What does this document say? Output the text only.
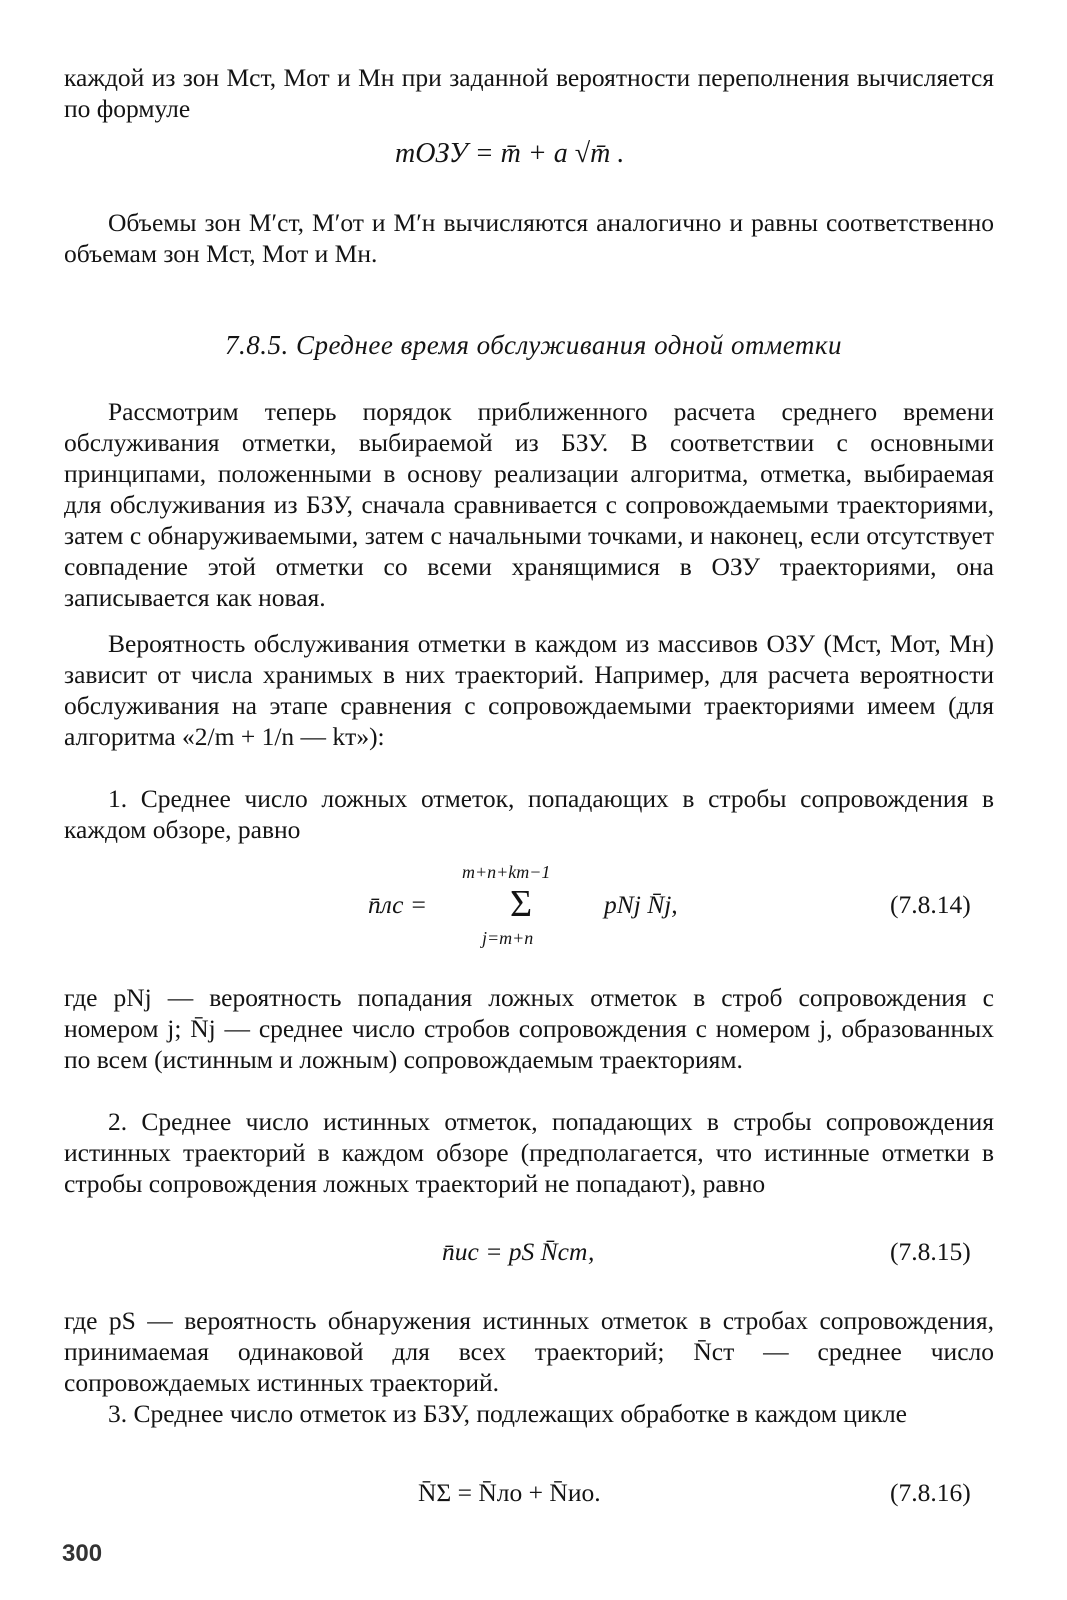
каждой из зон Mст, Mот и Mн при заданной вероятности переполнения вычисляется по формуле

mОЗУ = m̄ + a √m̄ .

Объемы зон M′ст, M′от и M′н вычисляются аналогично и равны соответственно объемам зон Mст, Mот и Mн.

7.8.5. Среднее время обслуживания одной отметки

Рассмотрим теперь порядок приближенного расчета среднего времени обслуживания отметки, выбираемой из БЗУ. В соответствии с основными принципами, положенными в основу реализации алгоритма, отметка, выбираемая для обслуживания из БЗУ, сначала сравнивается с сопровождаемыми траекториями, затем с обнаруживаемыми, затем с начальными точками, и наконец, если отсутствует совпадение этой отметки со всеми хранящимися в ОЗУ траекториями, она записывается как новая.

Вероятность обслуживания отметки в каждом из массивов ОЗУ (Mст, Mот, Mн) зависит от числа хранимых в них траекторий. Например, для расчета вероятности обслуживания на этапе сравнения с сопровождаемыми траекториями имеем (для алгоритма «2/m + 1/n — kт»):

1. Среднее число ложных отметок, попадающих в стробы сопровождения в каждом обзоре, равно

n̄лс =
m+n+kт−1
Σ
j=m+n
pNj N̄j,	(7.8.14)

где pNj — вероятность попадания ложных отметок в строб сопровождения с номером j; N̄j — среднее число стробов сопровождения с номером j, образованных по всем (истинным и ложным) сопровождаемым траекториям.

2. Среднее число истинных отметок, попадающих в стробы сопровождения истинных траекторий в каждом обзоре (предполагается, что истинные отметки в стробы сопровождения ложных траекторий не попадают), равно

n̄ис = pS N̄ст,	(7.8.15)

где pS — вероятность обнаружения истинных отметок в стробах сопровождения, принимаемая одинаковой для всех траекторий; N̄ст — среднее число сопровождаемых истинных траекторий.

3. Среднее число отметок из БЗУ, подлежащих обработке в каждом цикле

N̄Σ = N̄ло + N̄ио.	(7.8.16)
300
